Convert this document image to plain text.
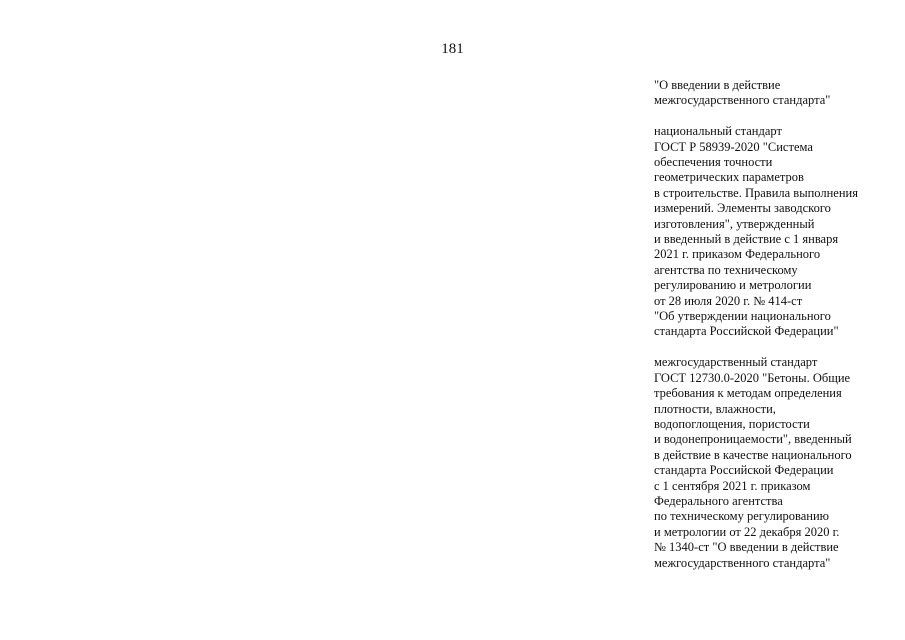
181

"О введении в действие
межгосударственного стандарта"

национальный стандарт
ГОСТ Р 58939-2020 "Система
обеспечения точности
геометрических параметров
в строительстве. Правила выполнения
измерений. Элементы заводского
изготовления", утвержденный
и введенный в действие с 1 января
2021 г. приказом Федерального
агентства по техническому
регулированию и метрологии
от 28 июля 2020 г. № 414-ст
"Об утверждении национального
стандарта Российской Федерации"

межгосударственный стандарт
ГОСТ 12730.0-2020 "Бетоны. Общие
требования к методам определения
плотности, влажности,
водопоглощения, пористости
и водонепроницаемости", введенный
в действие в качестве национального
стандарта Российской Федерации
с 1 сентября 2021 г. приказом
Федерального агентства
по техническому регулированию
и метрологии от 22 декабря 2020 г.
№ 1340-ст "О введении в действие
межгосударственного стандарта"
